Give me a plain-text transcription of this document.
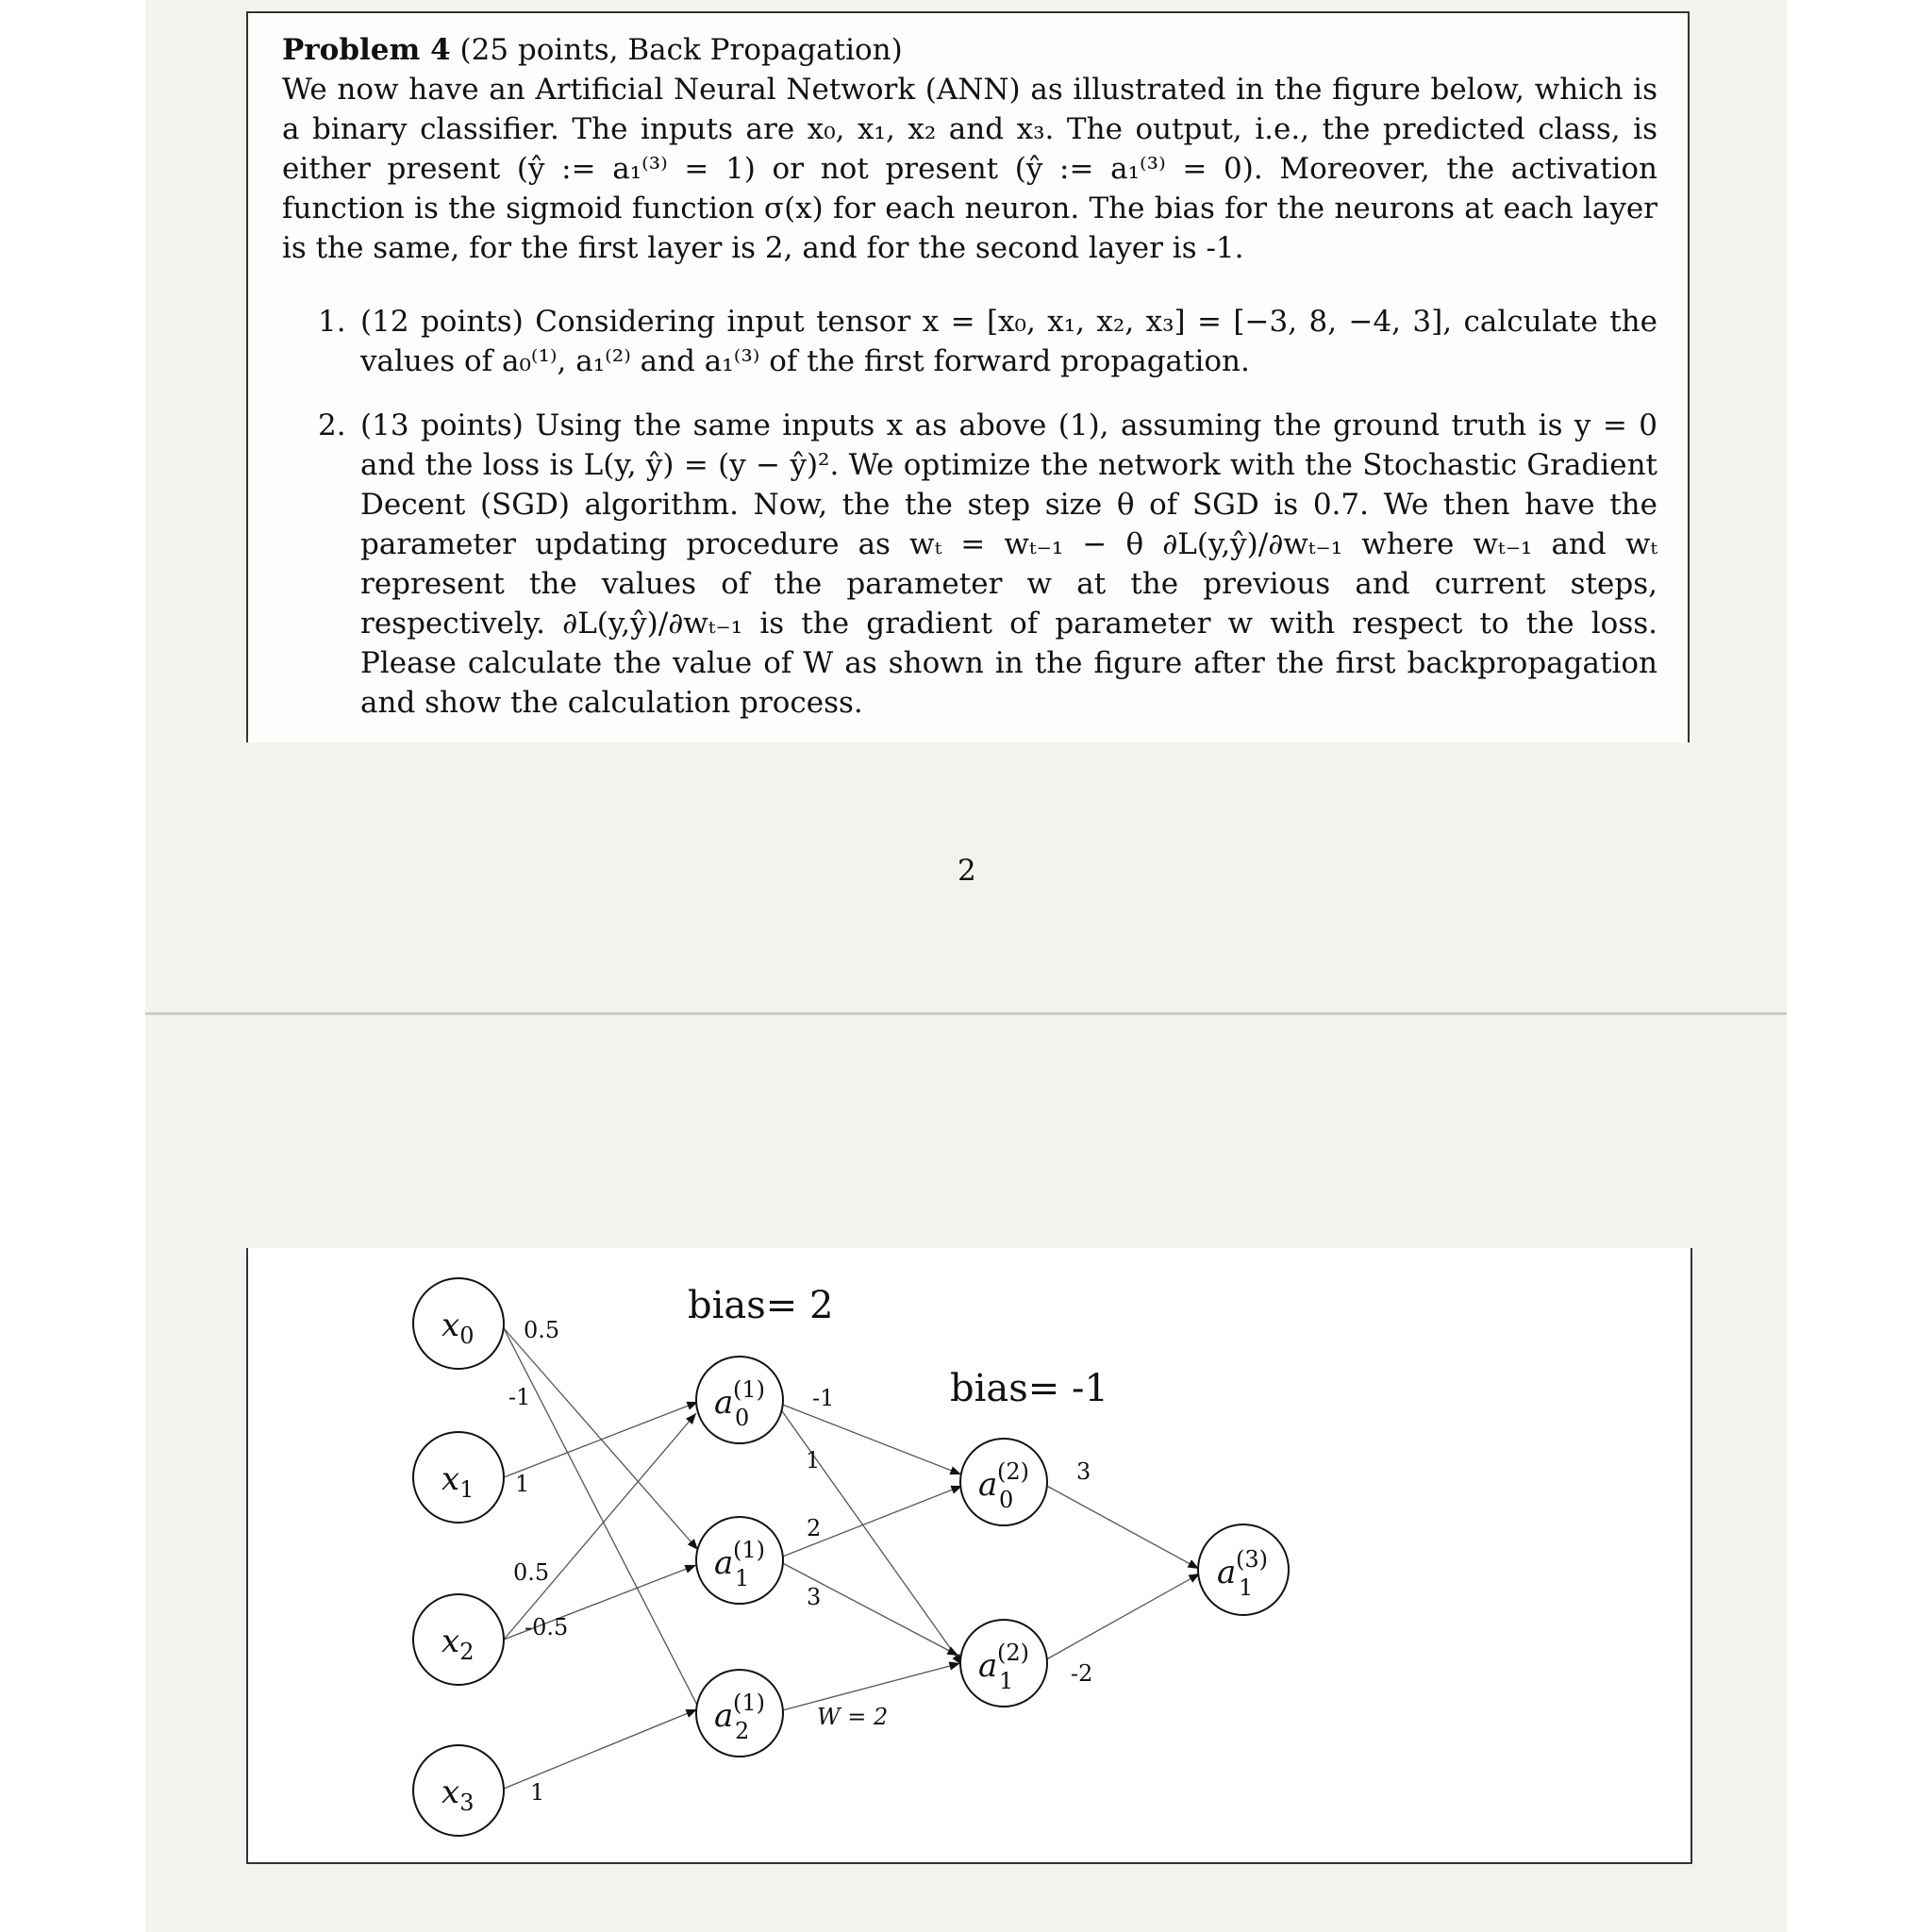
Problem 4 (25 points, Back Propagation)

We now have an Artificial Neural Network (ANN) as illustrated in the figure below, which is a binary classifier. The inputs are x₀, x₁, x₂ and x₃. The output, i.e., the predicted class, is either present (ŷ := a₁⁽³⁾ = 1) or not present (ŷ := a₁⁽³⁾ = 0). Moreover, the activation function is the sigmoid function σ(x) for each neuron. The bias for the neurons at each layer is the same, for the first layer is 2, and for the second layer is -1.

1. (12 points) Considering input tensor x = [x₀, x₁, x₂, x₃] = [−3, 8, −4, 3], calculate the values of a₀⁽¹⁾, a₁⁽²⁾ and a₁⁽³⁾ of the first forward propagation.
2. (13 points) Using the same inputs x as above (1), assuming the ground truth is y = 0 and the loss is L(y, ŷ) = (y − ŷ)². We optimize the network with the Stochastic Gradient Decent (SGD) algorithm. Now, the the step size θ of SGD is 0.7. We then have the parameter updating procedure as wₜ = wₜ₋₁ − θ ∂L(y,ŷ)/∂wₜ₋₁ where wₜ₋₁ and wₜ represent the values of the parameter w at the previous and current steps, respectively. ∂L(y,ŷ)/∂wₜ₋₁ is the gradient of parameter w with respect to the loss. Please calculate the value of W as shown in the figure after the first backpropagation and show the calculation process.
2
0.5
-1
1
0.5
-0.5
1
-1
1
2
3
W = 2
3
-2
bias= 2
bias= -1
$x_0$
$x_1$
$x_2$
$x_3$
a (1)
0
a (1)
1
a (1)
2
a (2)
0
a (2)
1
a (3)
1
